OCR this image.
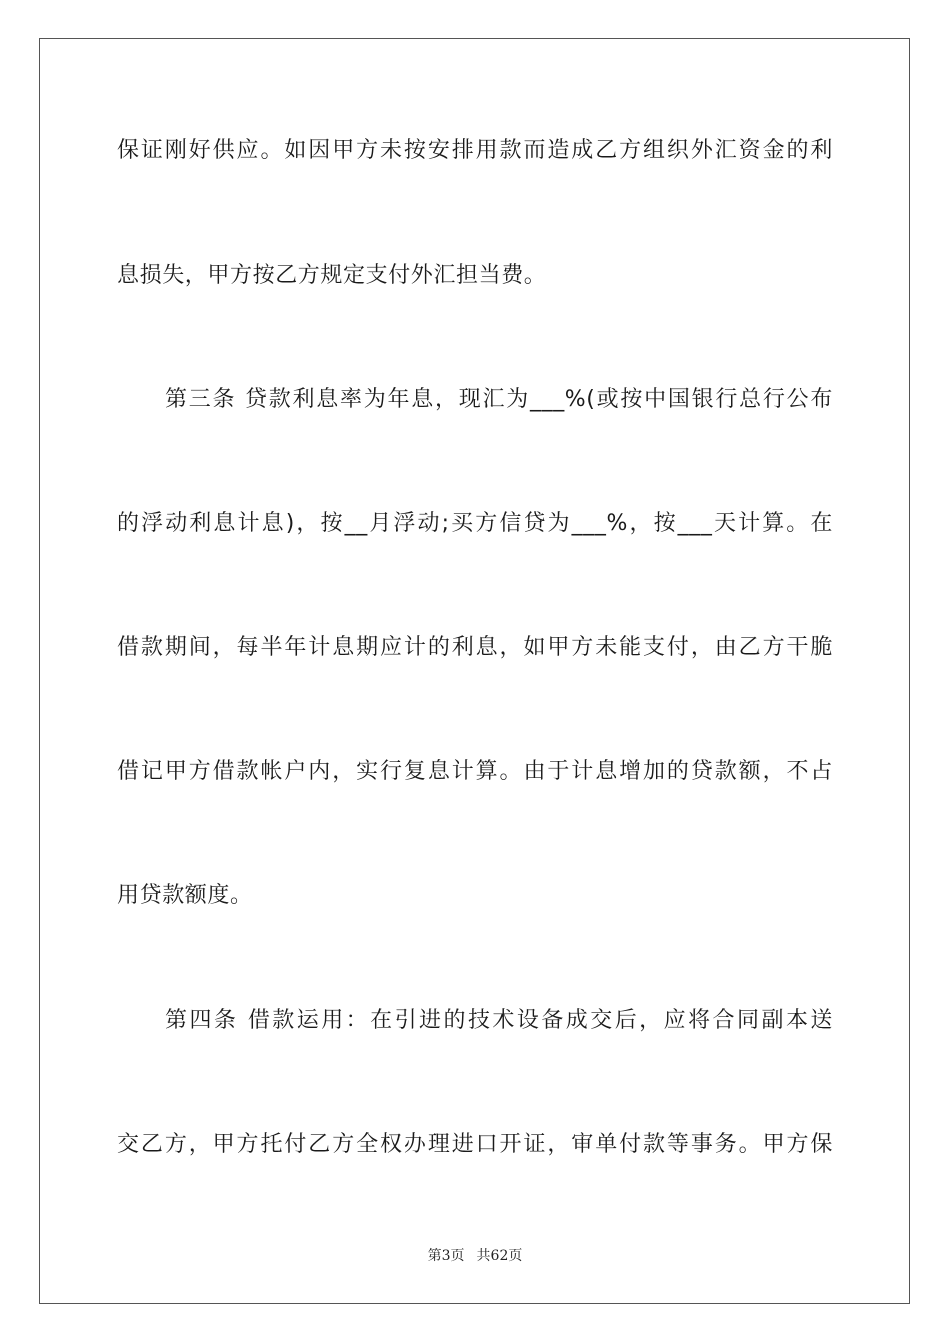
保证刚好供应。如因甲方未按安排用款而造成乙方组织外汇资金的利
息损失，甲方按乙方规定支付外汇担当费。
第三条 贷款利息率为年息，现汇为___%(或按中国银行总行公布
的浮动利息计息)，按__月浮动;买方信贷为___%，按___天计算。在
借款期间，每半年计息期应计的利息，如甲方未能支付，由乙方干脆
借记甲方借款帐户内，实行复息计算。由于计息增加的贷款额，不占
用贷款额度。
第四条 借款运用：在引进的技术设备成交后，应将合同副本送
交乙方，甲方托付乙方全权办理进口开证，审单付款等事务。甲方保
第3页 共62页
